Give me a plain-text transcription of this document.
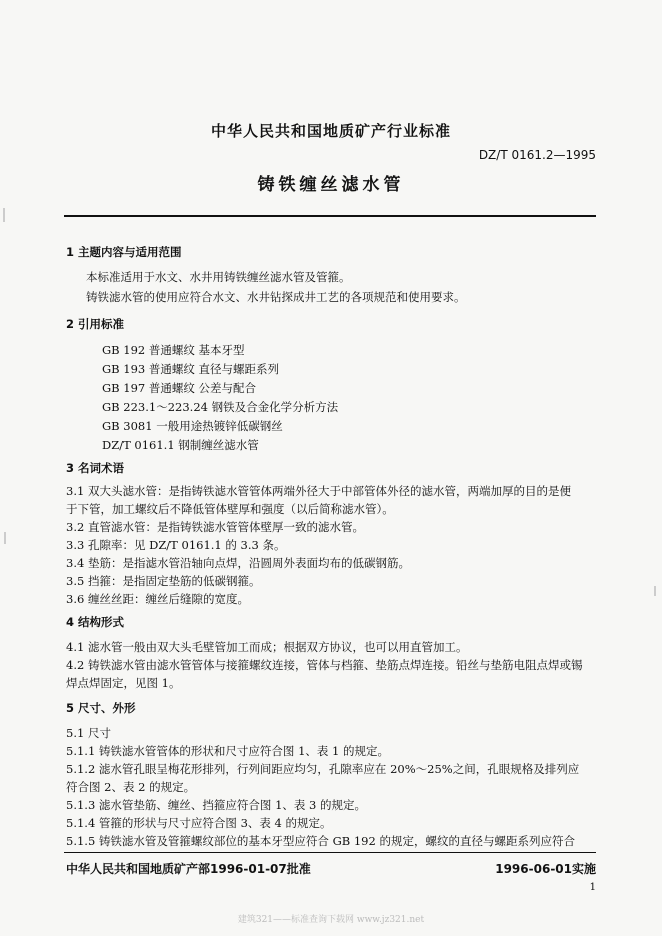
中华人民共和国地质矿产行业标准
DZ/T 0161.2—1995
铸铁缠丝滤水管
1 主题内容与适用范围
本标准适用于水文、水井用铸铁缠丝滤水管及管箍。
铸铁滤水管的使用应符合水文、水井钻探成井工艺的各项规范和使用要求。
2 引用标准
GB 192 普通螺纹 基本牙型
GB 193 普通螺纹 直径与螺距系列
GB 197 普通螺纹 公差与配合
GB 223.1～223.24 钢铁及合金化学分析方法
GB 3081 一般用途热镀锌低碳钢丝
DZ/T 0161.1 钢制缠丝滤水管
3 名词术语
3.1 双大头滤水管：是指铸铁滤水管管体两端外径大于中部管体外径的滤水管，两端加厚的目的是便
于下管，加工螺纹后不降低管体壁厚和强度（以后简称滤水管）。
3.2 直管滤水管：是指铸铁滤水管管体壁厚一致的滤水管。
3.3 孔隙率：见 DZ/T 0161.1 的 3.3 条。
3.4 垫筋：是指滤水管沿轴向点焊，沿圆周外表面均布的低碳钢筋。
3.5 挡箍：是指固定垫筋的低碳钢箍。
3.6 缠丝丝距：缠丝后缝隙的宽度。
4 结构形式
4.1 滤水管一般由双大头毛壁管加工而成；根据双方协议，也可以用直管加工。
4.2 铸铁滤水管由滤水管管体与接箍螺纹连接，管体与档箍、垫筋点焊连接。铅丝与垫筋电阻点焊或锡
焊点焊固定，见图 1。
5 尺寸、外形
5.1 尺寸
5.1.1 铸铁滤水管管体的形状和尺寸应符合图 1、表 1 的规定。
5.1.2 滤水管孔眼呈梅花形排列，行列间距应均匀，孔隙率应在 20%～25%之间，孔眼规格及排列应
符合图 2、表 2 的规定。
5.1.3 滤水管垫筋、缠丝、挡箍应符合图 1、表 3 的规定。
5.1.4 管箍的形状与尺寸应符合图 3、表 4 的规定。
5.1.5 铸铁滤水管及管箍螺纹部位的基本牙型应符合 GB 192 的规定，螺纹的直径与螺距系列应符合
中华人民共和国地质矿产部1996-01-07批准	1996-06-01实施
1
建筑321——标准查询下载网 www.jz321.net
